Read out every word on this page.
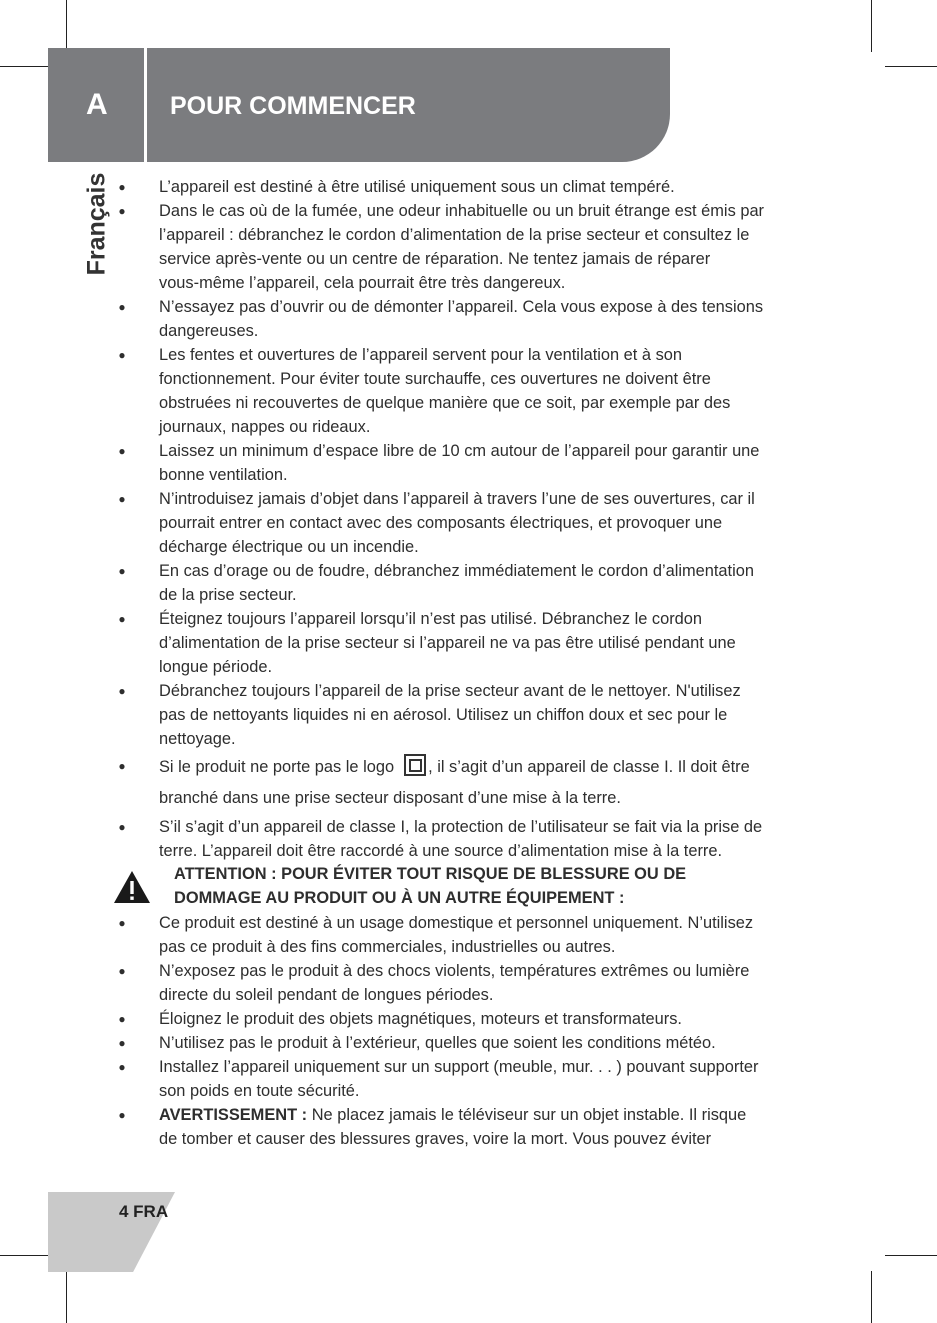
A POUR COMMENCER
Français ● L’appareil est destiné à être utilisé uniquement sous un climat tempéré.
● Dans le cas où de la fumée, une odeur inhabituelle ou un bruit étrange est émis par
l’appareil : débranchez le cordon d’alimentation de la prise secteur et consultez le
service après-vente ou un centre de réparation. Ne tentez jamais de réparer
vous-même l’appareil, cela pourrait être très dangereux.
● N’essayez pas d’ouvrir ou de démonter l’appareil. Cela vous expose à des tensions
dangereuses.
● Les fentes et ouvertures de l’appareil servent pour la ventilation et à son
fonctionnement. Pour éviter toute surchauffe, ces ouvertures ne doivent être
obstruées ni recouvertes de quelque manière que ce soit, par exemple par des
journaux, nappes ou rideaux.
● Laissez un minimum d’espace libre de 10 cm autour de l’appareil pour garantir une
bonne ventilation.
● N’introduisez jamais d’objet dans l’appareil à travers l’une de ses ouvertures, car il
pourrait entrer en contact avec des composants électriques, et provoquer une
décharge électrique ou un incendie.
● En cas d’orage ou de foudre, débranchez immédiatement le cordon d’alimentation
de la prise secteur.
● Éteignez toujours l’appareil lorsqu’il n’est pas utilisé. Débranchez le cordon
d’alimentation de la prise secteur si l’appareil ne va pas être utilisé pendant une
longue période.
● Débranchez toujours l’appareil de la prise secteur avant de le nettoyer. N'utilisez
pas de nettoyants liquides ni en aérosol. Utilisez un chiffon doux et sec pour le
nettoyage.
● Si le produit ne porte pas le logo , il s’agit d’un appareil de classe I. Il doit être
branché dans une prise secteur disposant d’une mise à la terre.
● S’il s’agit d’un appareil de classe I, la protection de l’utilisateur se fait via la prise de
terre. L’appareil doit être raccordé à une source d’alimentation mise à la terre.
ATTENTION : POUR ÉVITER TOUT RISQUE DE BLESSURE OU DE
DOMMAGE AU PRODUIT OU À UN AUTRE ÉQUIPEMENT :
● Ce produit est destiné à un usage domestique et personnel uniquement. N’utilisez
pas ce produit à des fins commerciales, industrielles ou autres.
● N’exposez pas le produit à des chocs violents, températures extrêmes ou lumière
directe du soleil pendant de longues périodes.
● Éloignez le produit des objets magnétiques, moteurs et transformateurs.
● N’utilisez pas le produit à l’extérieur, quelles que soient les conditions météo.
● Installez l’appareil uniquement sur un support (meuble, mur. . . ) pouvant supporter
son poids en toute sécurité.
● AVERTISSEMENT : Ne placez jamais le téléviseur sur un objet instable. Il risque
de tomber et causer des blessures graves, voire la mort. Vous pouvez éviter
4 FRA
